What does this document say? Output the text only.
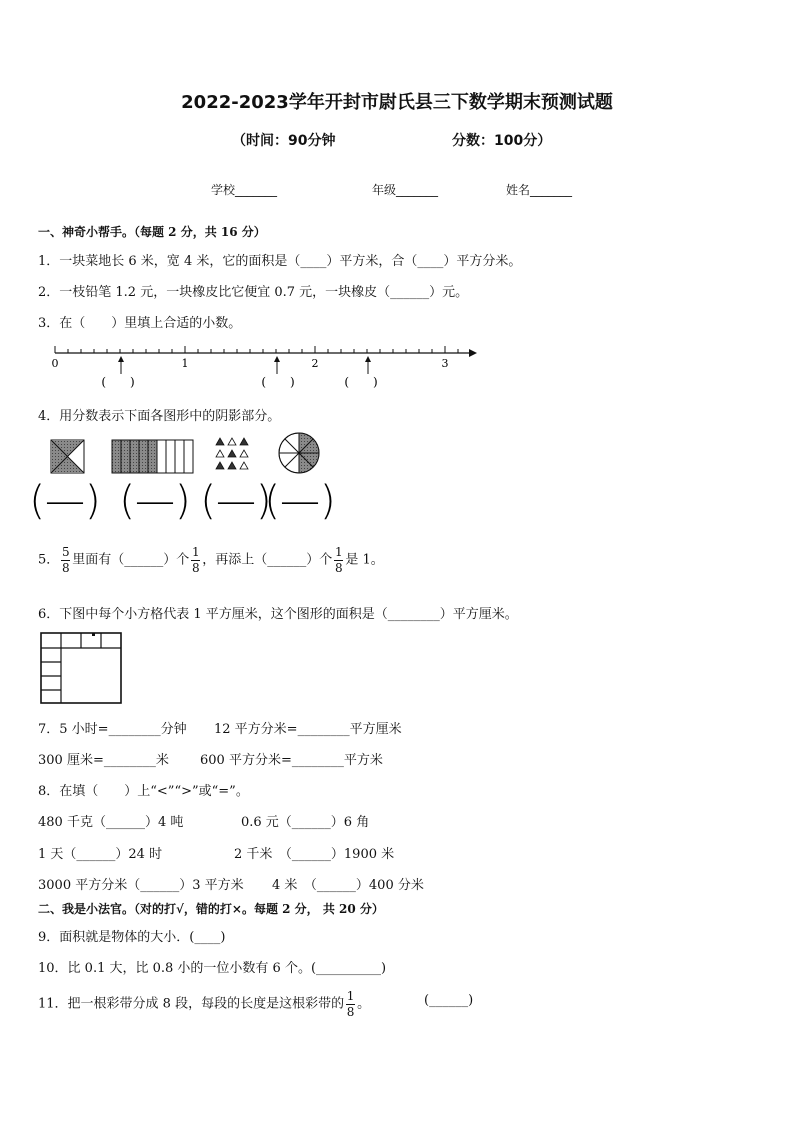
2022-2023学年开封市尉氏县三下数学期末预测试题
（时间：90分钟	分数：100分）
学校_______	年级_______	姓名_______
一、神奇小帮手。（每题 2 分，共 16 分）
1．一块菜地长 6 米，宽 4 米，它的面积是（____）平方米，合（____）平方分米。
2．一枝铅笔 1.2 元，一块橡皮比它便宜 0.7 元，一块橡皮（______）元。
3．在（　　）里填上合适的小数。
0	1	2	3
(　　)	(　　)	(　　)
4．用分数表示下面各图形中的阴影部分。
(—) (—) (—)
(—)
5． $\frac{5}{8}$ 里面有（______）个 $\frac{1}{8}$ ，再添上（______）个 $\frac{1}{8}$ 是 1。
6．下图中每个小方格代表 1 平方厘米，这个图形的面积是（________）平方厘米。
7．5 小时=________分钟 12 平方分米=________平方厘米
300 厘米=________米 600 平方分米=________平方米
8．在填（　　）上“<”“>”或“=”。
480 千克（______）4 吨	0.6 元（______）6 角
1 天（______）24 时	2 千米　（______）1900 米
3000 平方分米（______）3 平方米 4 米　（______）400 分米
二、我是小法官。（对的打√，错的打×。每题 2 分， 共 20 分）
9．面积就是物体的大小．(____)
10．比 0.1 大，比 0.8 小的一位小数有 6 个。(__________)
11．把一根彩带分成 8 段，每段的长度是这根彩带的 $\frac{1}{8}$ 。	(______)
